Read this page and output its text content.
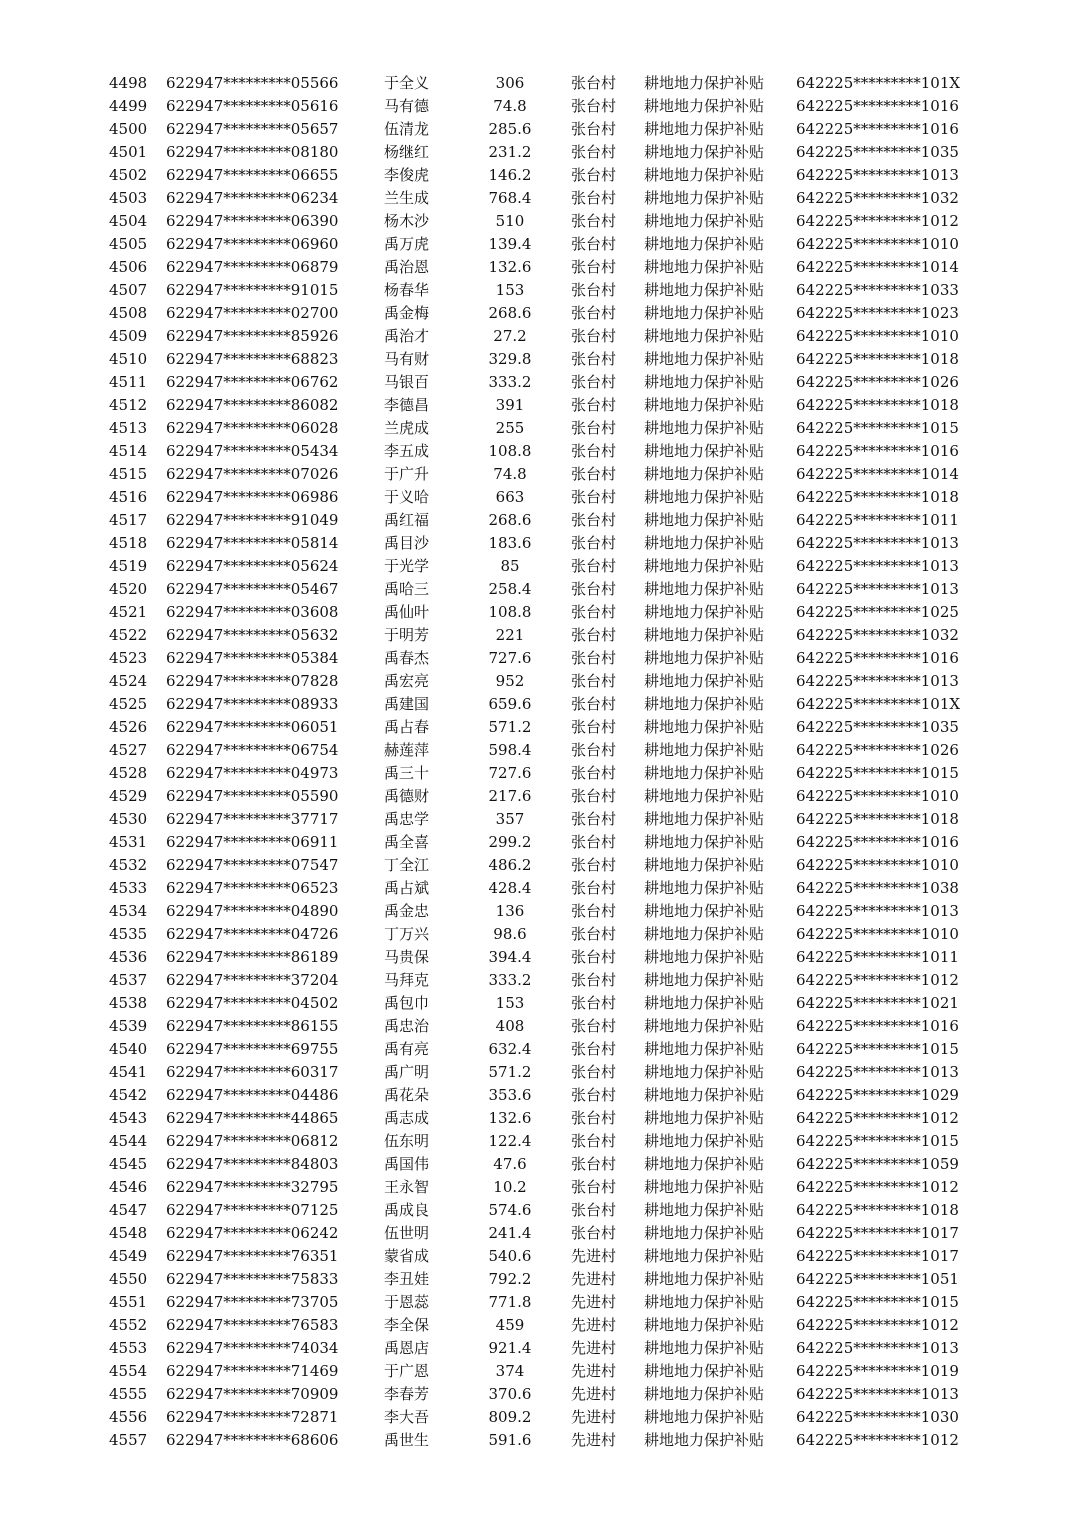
4498	622947*********05566	于全义	306	张台村	耕地地力保护补贴	642225*********101X
4499	622947*********05616	马有德	74.8	张台村	耕地地力保护补贴	642225*********1016
4500	622947*********05657	伍清龙	285.6	张台村	耕地地力保护补贴	642225*********1016
4501	622947*********08180	杨继红	231.2	张台村	耕地地力保护补贴	642225*********1035
4502	622947*********06655	李俊虎	146.2	张台村	耕地地力保护补贴	642225*********1013
4503	622947*********06234	兰生成	768.4	张台村	耕地地力保护补贴	642225*********1032
4504	622947*********06390	杨木沙	510	张台村	耕地地力保护补贴	642225*********1012
4505	622947*********06960	禹万虎	139.4	张台村	耕地地力保护补贴	642225*********1010
4506	622947*********06879	禹治恩	132.6	张台村	耕地地力保护补贴	642225*********1014
4507	622947*********91015	杨春华	153	张台村	耕地地力保护补贴	642225*********1033
4508	622947*********02700	禹金梅	268.6	张台村	耕地地力保护补贴	642225*********1023
4509	622947*********85926	禹治才	27.2	张台村	耕地地力保护补贴	642225*********1010
4510	622947*********68823	马有财	329.8	张台村	耕地地力保护补贴	642225*********1018
4511	622947*********06762	马银百	333.2	张台村	耕地地力保护补贴	642225*********1026
4512	622947*********86082	李德昌	391	张台村	耕地地力保护补贴	642225*********1018
4513	622947*********06028	兰虎成	255	张台村	耕地地力保护补贴	642225*********1015
4514	622947*********05434	李五成	108.8	张台村	耕地地力保护补贴	642225*********1016
4515	622947*********07026	于广升	74.8	张台村	耕地地力保护补贴	642225*********1014
4516	622947*********06986	于义哈	663	张台村	耕地地力保护补贴	642225*********1018
4517	622947*********91049	禹红福	268.6	张台村	耕地地力保护补贴	642225*********1011
4518	622947*********05814	禹目沙	183.6	张台村	耕地地力保护补贴	642225*********1013
4519	622947*********05624	于光学	85	张台村	耕地地力保护补贴	642225*********1013
4520	622947*********05467	禹哈三	258.4	张台村	耕地地力保护补贴	642225*********1013
4521	622947*********03608	禹仙叶	108.8	张台村	耕地地力保护补贴	642225*********1025
4522	622947*********05632	于明芳	221	张台村	耕地地力保护补贴	642225*********1032
4523	622947*********05384	禹春杰	727.6	张台村	耕地地力保护补贴	642225*********1016
4524	622947*********07828	禹宏亮	952	张台村	耕地地力保护补贴	642225*********1013
4525	622947*********08933	禹建国	659.6	张台村	耕地地力保护补贴	642225*********101X
4526	622947*********06051	禹占春	571.2	张台村	耕地地力保护补贴	642225*********1035
4527	622947*********06754	赫莲萍	598.4	张台村	耕地地力保护补贴	642225*********1026
4528	622947*********04973	禹三十	727.6	张台村	耕地地力保护补贴	642225*********1015
4529	622947*********05590	禹德财	217.6	张台村	耕地地力保护补贴	642225*********1010
4530	622947*********37717	禹忠学	357	张台村	耕地地力保护补贴	642225*********1018
4531	622947*********06911	禹全喜	299.2	张台村	耕地地力保护补贴	642225*********1016
4532	622947*********07547	丁全江	486.2	张台村	耕地地力保护补贴	642225*********1010
4533	622947*********06523	禹占斌	428.4	张台村	耕地地力保护补贴	642225*********1038
4534	622947*********04890	禹金忠	136	张台村	耕地地力保护补贴	642225*********1013
4535	622947*********04726	丁万兴	98.6	张台村	耕地地力保护补贴	642225*********1010
4536	622947*********86189	马贵保	394.4	张台村	耕地地力保护补贴	642225*********1011
4537	622947*********37204	马拜克	333.2	张台村	耕地地力保护补贴	642225*********1012
4538	622947*********04502	禹包巾	153	张台村	耕地地力保护补贴	642225*********1021
4539	622947*********86155	禹忠治	408	张台村	耕地地力保护补贴	642225*********1016
4540	622947*********69755	禹有亮	632.4	张台村	耕地地力保护补贴	642225*********1015
4541	622947*********60317	禹广明	571.2	张台村	耕地地力保护补贴	642225*********1013
4542	622947*********04486	禹花朵	353.6	张台村	耕地地力保护补贴	642225*********1029
4543	622947*********44865	禹志成	132.6	张台村	耕地地力保护补贴	642225*********1012
4544	622947*********06812	伍东明	122.4	张台村	耕地地力保护补贴	642225*********1015
4545	622947*********84803	禹国伟	47.6	张台村	耕地地力保护补贴	642225*********1059
4546	622947*********32795	王永智	10.2	张台村	耕地地力保护补贴	642225*********1012
4547	622947*********07125	禹成良	574.6	张台村	耕地地力保护补贴	642225*********1018
4548	622947*********06242	伍世明	241.4	张台村	耕地地力保护补贴	642225*********1017
4549	622947*********76351	蒙省成	540.6	先进村	耕地地力保护补贴	642225*********1017
4550	622947*********75833	李丑娃	792.2	先进村	耕地地力保护补贴	642225*********1051
4551	622947*********73705	于恩蕊	771.8	先进村	耕地地力保护补贴	642225*********1015
4552	622947*********76583	李全保	459	先进村	耕地地力保护补贴	642225*********1012
4553	622947*********74034	禹恩店	921.4	先进村	耕地地力保护补贴	642225*********1013
4554	622947*********71469	于广恩	374	先进村	耕地地力保护补贴	642225*********1019
4555	622947*********70909	李春芳	370.6	先进村	耕地地力保护补贴	642225*********1013
4556	622947*********72871	李大吾	809.2	先进村	耕地地力保护补贴	642225*********1030
4557	622947*********68606	禹世生	591.6	先进村	耕地地力保护补贴	642225*********1012
